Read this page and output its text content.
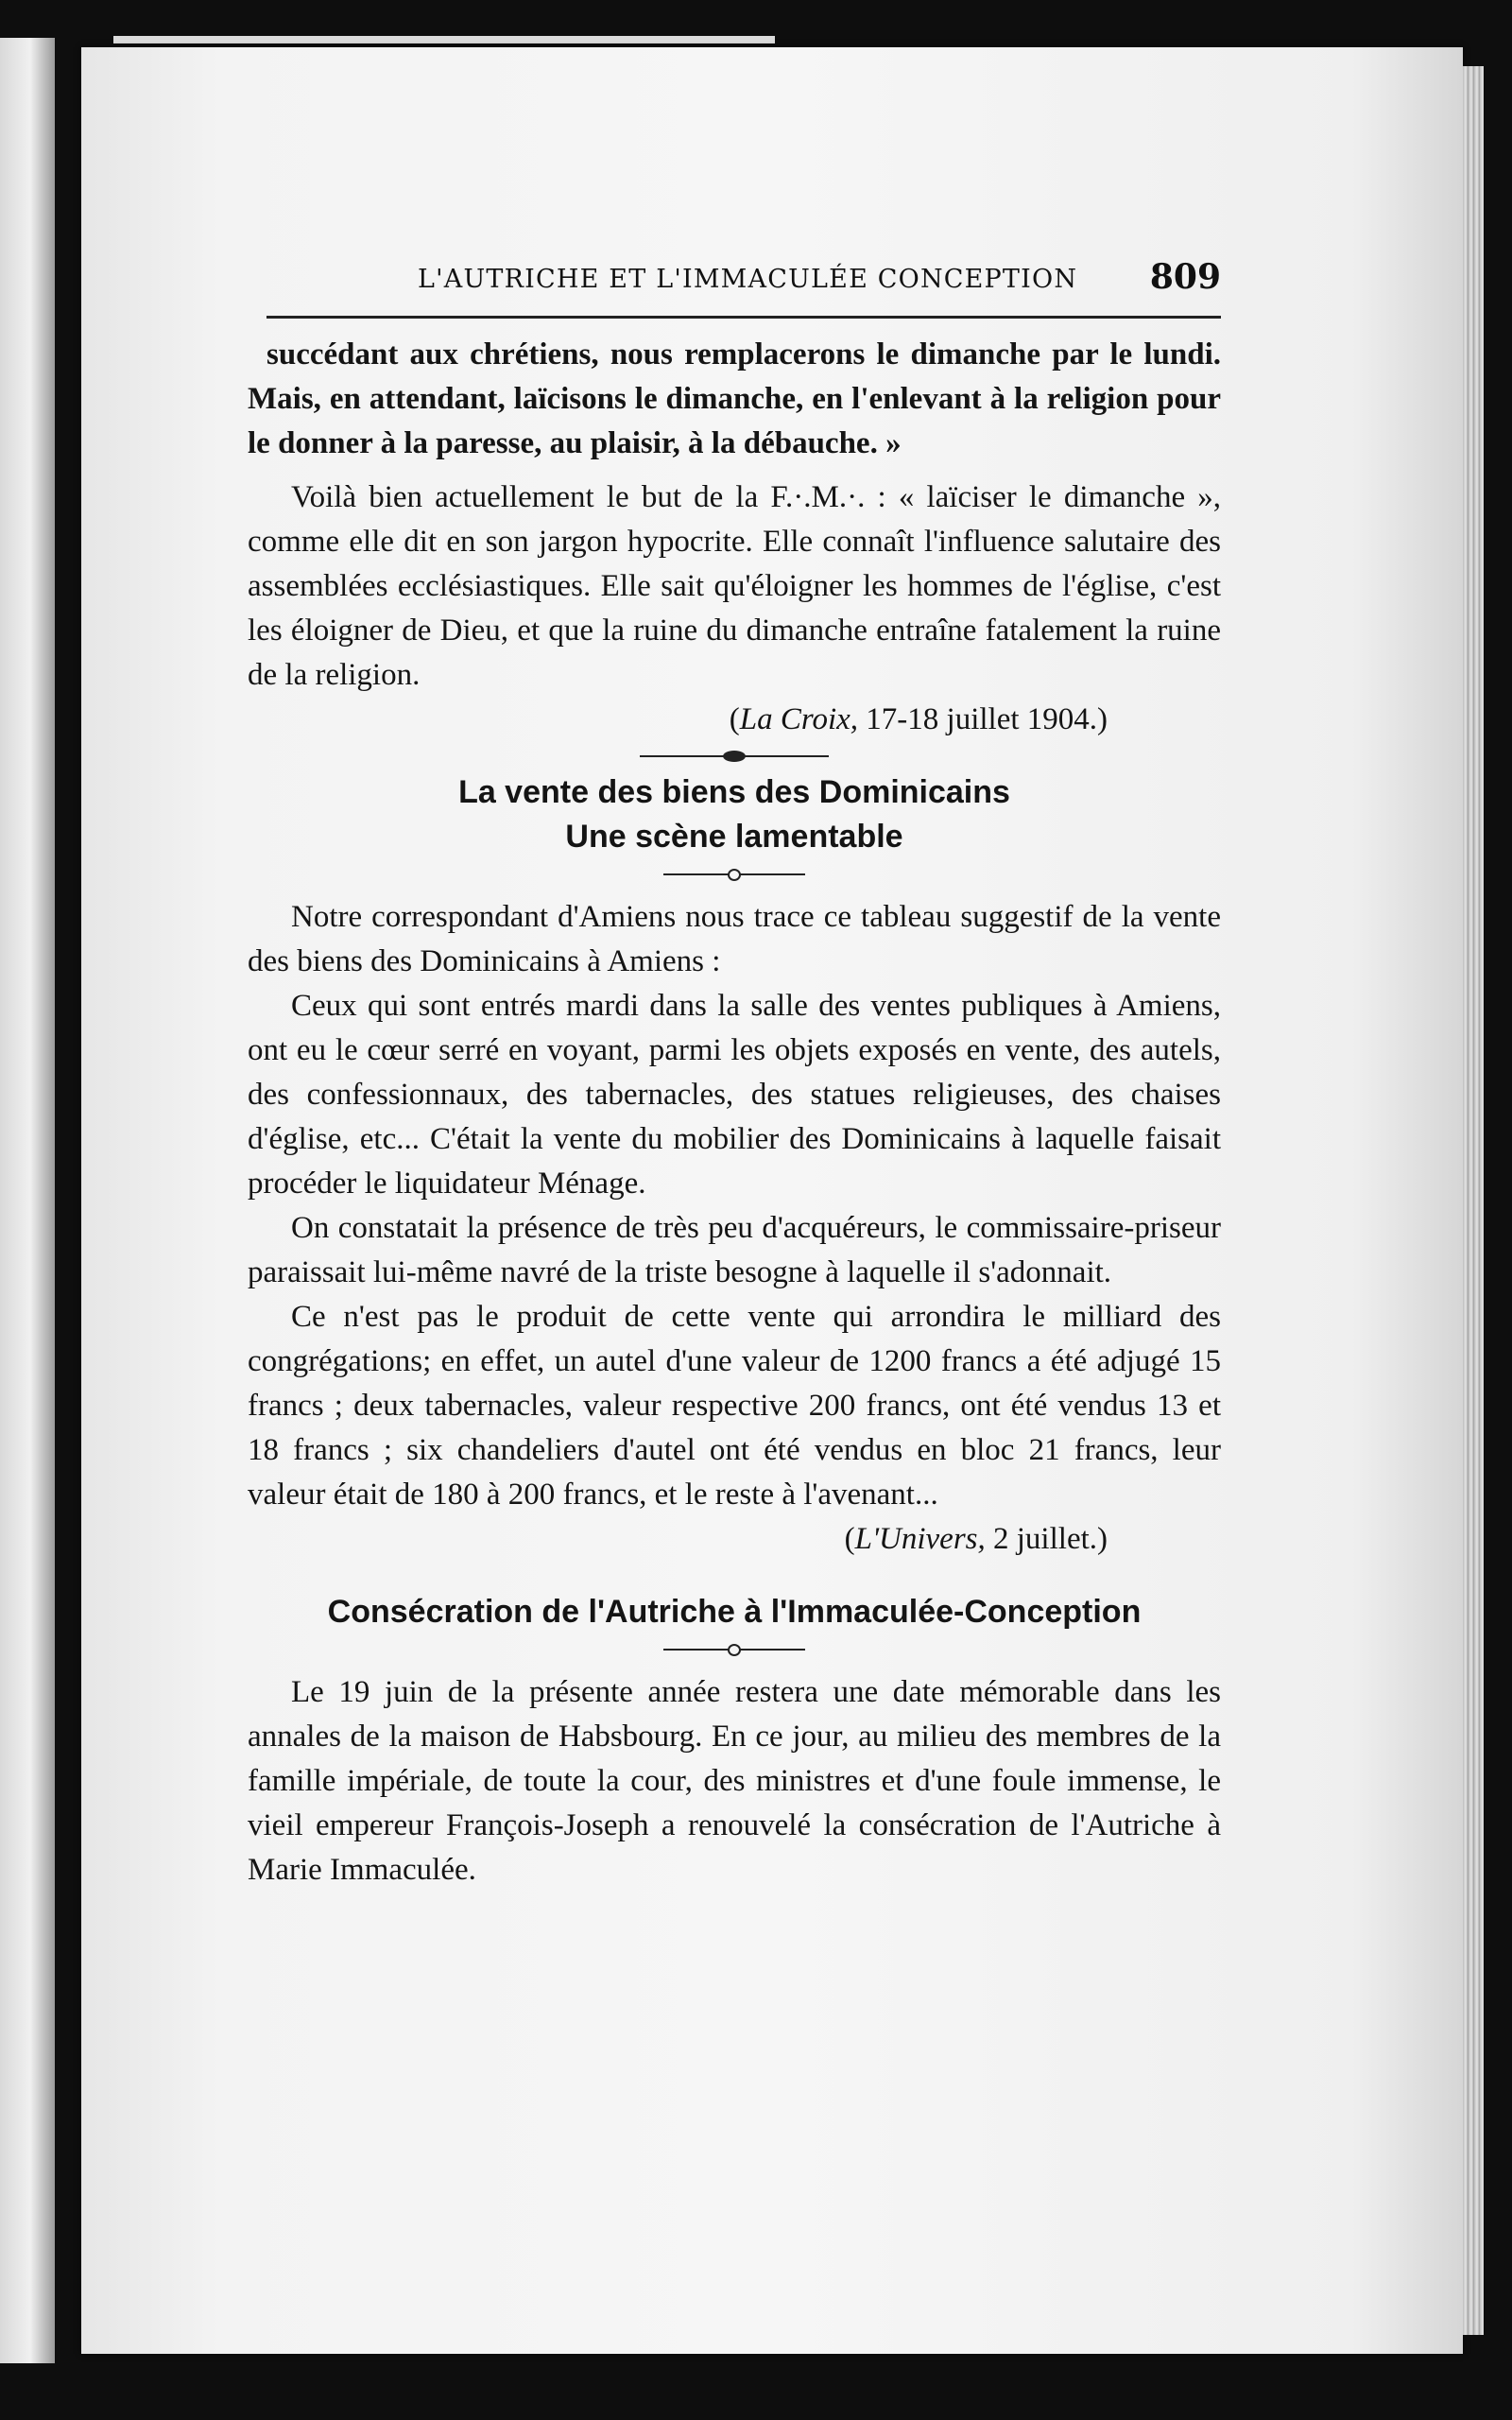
L'AUTRICHE ET L'IMMACULÉE CONCEPTION 809

succédant aux chrétiens, nous remplacerons le dimanche par le lundi. Mais, en attendant, laïcisons le dimanche, en l'enlevant à la religion pour le donner à la paresse, au plaisir, à la débauche. »

Voilà bien actuellement le but de la F.·.M.·. : « laïciser le dimanche », comme elle dit en son jargon hypocrite. Elle connaît l'influence salutaire des assemblées ecclésiastiques. Elle sait qu'éloigner les hommes de l'église, c'est les éloigner de Dieu, et que la ruine du dimanche entraîne fatalement la ruine de la religion.

(La Croix, 17-18 juillet 1904.)

La vente des biens des Dominicains

Une scène lamentable

Notre correspondant d'Amiens nous trace ce tableau suggestif de la vente des biens des Dominicains à Amiens :

Ceux qui sont entrés mardi dans la salle des ventes publiques à Amiens, ont eu le cœur serré en voyant, parmi les objets exposés en vente, des autels, des confessionnaux, des tabernacles, des statues religieuses, des chaises d'église, etc... C'était la vente du mobilier des Dominicains à laquelle faisait procéder le liquidateur Ménage.

On constatait la présence de très peu d'acquéreurs, le commissaire-priseur paraissait lui-même navré de la triste besogne à laquelle il s'adonnait.

Ce n'est pas le produit de cette vente qui arrondira le milliard des congrégations; en effet, un autel d'une valeur de 1200 francs a été adjugé 15 francs ; deux tabernacles, valeur respective 200 francs, ont été vendus 13 et 18 francs ; six chandeliers d'autel ont été vendus en bloc 21 francs, leur valeur était de 180 à 200 francs, et le reste à l'avenant...

(L'Univers, 2 juillet.)

Consécration de l'Autriche à l'Immaculée-Conception

Le 19 juin de la présente année restera une date mémorable dans les annales de la maison de Habsbourg. En ce jour, au milieu des membres de la famille impériale, de toute la cour, des ministres et d'une foule immense, le vieil empereur François-Joseph a renouvelé la consécration de l'Autriche à Marie Immaculée.
